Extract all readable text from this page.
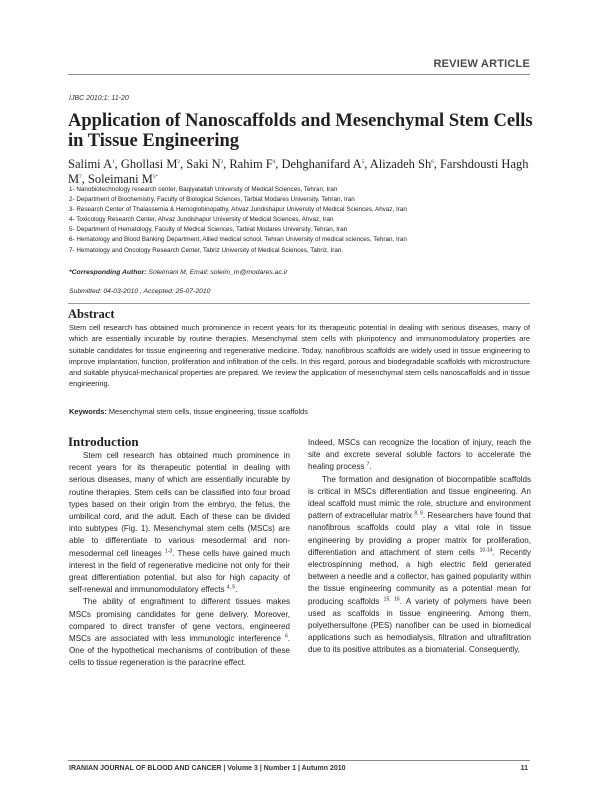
REVIEW ARTICLE
IJBC 2010;1: 11-20
Application of Nanoscaffolds and Mesenchymal Stem Cells in Tissue Engineering
Salimi $A^1$, Ghollasi $M^2$, Saki $N^3$, Rahim $F^4$, Dehghanifard $A^5$, Alizadeh Sh$^6$, Farshdousti Hagh $M^7$, Soleimani $M^{5*}$
1- Nanobiotechnology research center, Baqiyatallah University of Medical Sciences, Tehran, Iran
2- Department of Biochemistry, Faculty of Biological Sciences, Tarbiat Modares University, Tehran, Iran
3- Research Center of Thalassemia & Hemoglobinopathy, Ahvaz Jundishapur University of Medical Sciences, Ahvaz, Iran
4- Toxicology Research Center, Ahvaz Jundishapur University of Medical Sciences, Ahvaz, Iran
5- Department of Hematology, Faculty of Medical Sciences, Tarbiat Modares University, Tehran, Iran
6- Hematology and Blood Banking Department, Allied medical school, Tehran University of medical sciences, Tehran, Iran
7- Hematology and Oncology Research Center, Tabriz University of Medical Sciences, Tabriz, Iran.
*Corresponding Author: Soleimani M, Email: soleim_m@modares.ac.ir
Submitted: 04-03-2010 , Accepted: 25-07-2010
Abstract
Stem cell research has obtained much prominence in recent years for its therapeutic potential in dealing with serious diseases, many of which are essentially incurable by routine therapies. Mesenchymal stem cells with pluripotency and immunomodulatory properties are suitable candidates for tissue engineering and regenerative medicine. Today, nanofibrous scaffolds are widely used in tissue engineering to improve implantation, function, proliferation and infiltration of the cells. In this regard, porous and biodegradable scaffolds with microstructure and suitable physical-mechanical properties are prepared. We review the application of mesenchymal stem cells nanoscaffolds and in tissue engineering.
Keywords: Mesenchymal stem cells, tissue engineering, tissue scaffolds
Introduction

Stem cell research has obtained much prominence in recent years for its therapeutic potential in dealing with serious diseases, many of which are essentially incurable by routine therapies. Stem cells can be classified into four broad types based on their origin from the embryo, the fetus, the umbilical cord, and the adult. Each of these can be divided into subtypes (Fig. 1). Mesenchymal stem cells (MSCs) are able to differentiate to various mesodermal and non-mesodermal cell lineages $^{1-3}$. These cells have gained much interest in the field of regenerative medicine not only for their great differentiation potential, but also for high capacity of self-renewal and immunomodulatory effects $^{4, 5}$.

The ability of engraftment to different tissues makes MSCs promising candidates for gene delivery. Moreover, compared to direct transfer of gene vectors, engineered MSCs are associated with less immunologic interference $^6$. One of the hypothetical mechanisms of contribution of these cells to tissue regeneration is the paracrine effect.

Indeed, MSCs can recognize the location of injury, reach the site and excrete several soluble factors to accelerate the healing process $^7$.

The formation and designation of biocompatible scaffolds is critical in MSCs differentiation and tissue engineering. An ideal scaffold must mimic the role, structure and environment pattern of extracellular matrix $^{8, 9}$. Researchers have found that nanofibrous scaffolds could play a vital role in tissue engineering by providing a proper matrix for proliferation, differentiation and attachment of stem cells $^{10-14}$. Recently electrospinning method, a high electric field generated between a needle and a collector, has gained popularity within the tissue engineering community as a potential mean for producing scaffolds $^{15, 16}$. A variety of polymers have been used as scaffolds in tissue engineering. Among them, polyethersulfone (PES) nanofiber can be used in biomedical applications such as hemodialysis, filtration and ultrafiltration due to its positive attributes as a biomaterial. Consequently,

IRANIAN JOURNAL OF BLOOD AND CANCER | Volume 3 | Number 1 | Autumn 2010	11
